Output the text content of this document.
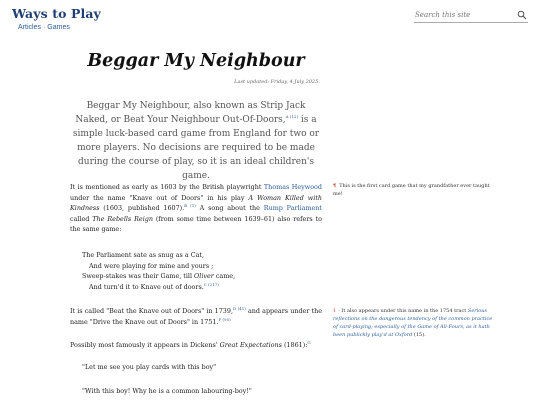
Ways to Play
Articles · Games
Search this site
Beggar My Neighbour
Last updated: Friday, 4 July 2025.
Beggar My Neighbour, also known as Strip Jack Naked, or Beat Your Neighbour Out-Of-Doors,$^{A (12)}$ is a simple luck-based card game from England for two or more players. No decisions are required to be made during the course of play, so it is an ideal children's game.
It is mentioned as early as 1603 by the British playwright Thomas Heywood under the name "Knave out of Doors" in his play A Woman Killed with Kindness (1603, published 1607).$^{B (1)}$ A song about the Rump Parliament called The Rebells Reign (from some time between 1639–61) also refers to the same game:
The Parliament sate as snug as a Cat,
And were playing for mine and yours ;
Sweep-stakes was their Game, till Oliver came,
And turn'd it to Knave out of doors.$^{C (217)}$
It is called "Beat the Knave out of Doors" in 1739,$^{D (41)}$ and appears under the name "Drive the Knave out of Doors" in 1751.$^{F (95)}$
Possibly most famously it appears in Dickens' Great Expectations (1861):$^G$
"Let me see you play cards with this boy"
"With this boy! Why he is a common labouring-boy!"
¶ This is the first card game that my grandfather ever taught me!
1 · It also appears under this name in the 1754 tract Serious reflections on the dangerous tendency of the common practice of card-playing; especially of the Game of All-Fours, as it hath been publickly play'd at Oxford (15).
